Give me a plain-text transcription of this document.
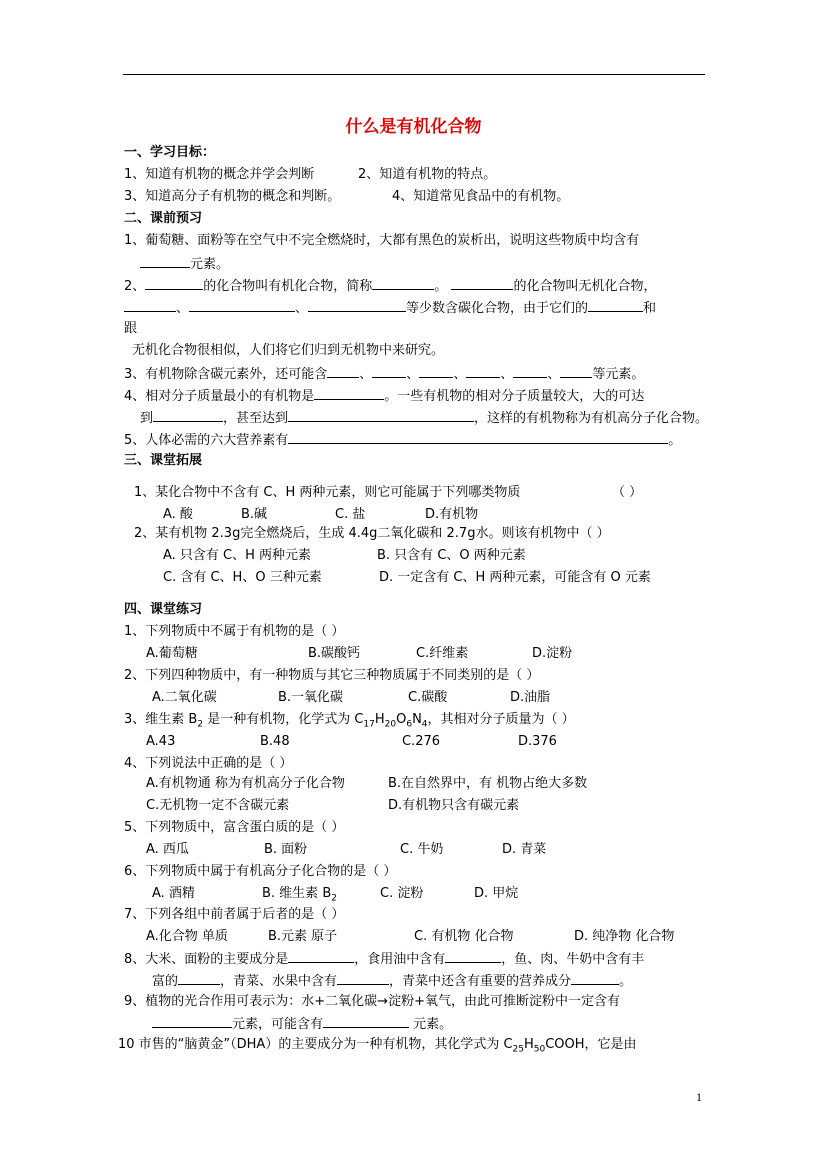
什么是有机化合物
一、学习目标：
1、知道有机物的概念并学会判断	2、知道有机物的特点。
3、知道高分子有机物的概念和判断。	4、知道常见食品中的有机物。
二、课前预习
1、葡萄糖、面粉等在空气中不完全燃烧时，大都有黑色的炭析出，说明这些物质中均含有
元素。
2、	的化合物叫有机化合物，简称	。	的化合物叫无机化合物，
、	、	等少数含碳化合物，由于它们的	和
跟
无机化合物很相似，人们将它们归到无机物中来研究。
3、有机物除含碳元素外，还可能含 、	、	、	、	、 等元素。
4、相对分子质量最小的有机物是	。一些有机物的相对分子质量较大，大的可达
到	，甚至达到	，这样的有机物称为有机高分子化合物。
5、人体必需的六大营养素有	。
三、课堂拓展
1、某化合物中不含有 C、H 两种元素，则它可能属于下列哪类物质	（ ）
A. 酸	B.碱	C. 盐	D.有机物
2、某有机物 2.3g完全燃烧后，生成 4.4g二氧化碳和 2.7g水。则该有机物中（ ）
A. 只含有 C、H 两种元素	B. 只含有 C、O 两种元素
C. 含有 C、H、O 三种元素	D. 一定含有 C、H 两种元素，可能含有 O 元素
四、课堂练习
1、下列物质中不属于有机物的是（ ）
A.葡萄糖	B.碳酸钙	C.纤维素	D.淀粉
2、下列四种物质中，有一种物质与其它三种物质属于不同类别的是（ ）
A.二氧化碳	B.一氧化碳	C.碳酸	D.油脂
3、维生素 $B_2$ 是一种有机物，化学式为 $C_{17}H_{20}O_6N_4$，其相对分子质量为（ ）
A.43	B.48	C.276	D.376
4、下列说法中正确的是（ ）
A.有机物通 称为有机高分子化合物	B.在自然界中，有 机物占绝大多数
C.无机物一定不含碳元素	D.有机物只含有碳元素
5、下列物质中，富含蛋白质的是（ ）
A. 西瓜	B. 面粉	C. 牛奶	D. 青菜
6、下列物质中属于有机高分子化合物的是（ ）
A. 酒精	B. 维生素 $B_2$	C. 淀粉	D. 甲烷
7、下列各组中前者属于后者的是（ ）
A.化合物 单质	B.元素 原子	C. 有机物 化合物	D. 纯净物 化合物
8、大米、面粉的主要成分是	，食用油中含有	，鱼、肉、牛奶中含有丰
富的	，青菜、水果中含有	，青菜中还含有重要的营养成分	。
9、植物的光合作用可表示为：水+二氧化碳→淀粉+氧气，由此可推断淀粉中一定含有
元素，可能含有	元素。
10 市售的“脑黄金”（DHA）的主要成分为一种有机物，其化学式为 $C_{25}H_{50}COOH$，它是由
1
